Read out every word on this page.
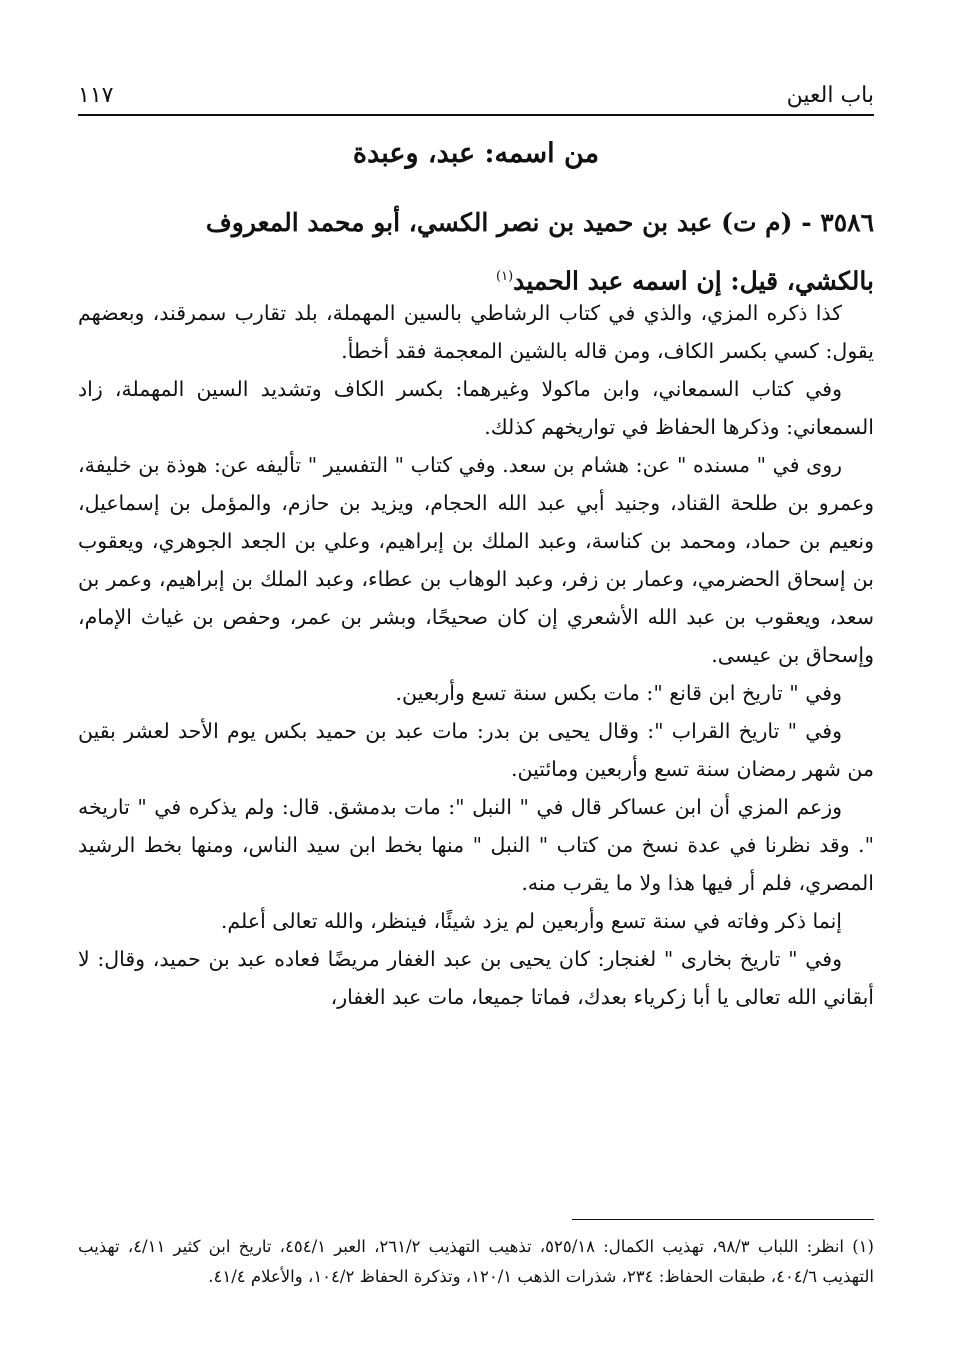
باب العين
١١٧
من اسمه: عبد، وعبدة
٣٥٨٦ - (م ت) عبد بن حميد بن نصر الكسي، أبو محمد المعروف
بالكشي، قيل: إن اسمه عبد الحميد$^{(١)}$

كذا ذكره المزي، والذي في كتاب الرشاطي بالسين المهملة، بلد تقارب سمرقند، وبعضهم يقول: كسي بكسر الكاف، ومن قاله بالشين المعجمة فقد أخطأ.

وفي كتاب السمعاني، وابن ماكولا وغيرهما: بكسر الكاف وتشديد السين المهملة، زاد السمعاني: وذكرها الحفاظ في تواريخهم كذلك.

روى في " مسنده " عن: هشام بن سعد. وفي كتاب " التفسير " تأليفه عن: هوذة بن خليفة، وعمرو بن طلحة القناد، وجنيد أبي عبد الله الحجام، ويزيد بن حازم، والمؤمل بن إسماعيل، ونعيم بن حماد، ومحمد بن كناسة، وعبد الملك بن إبراهيم، وعلي بن الجعد الجوهري، ويعقوب بن إسحاق الحضرمي، وعمار بن زفر، وعبد الوهاب بن عطاء، وعبد الملك بن إبراهيم، وعمر بن سعد، ويعقوب بن عبد الله الأشعري إن كان صحيحًا، وبشر بن عمر، وحفص بن غياث الإمام، وإسحاق بن عيسى.

وفي " تاريخ ابن قانع ": مات بكس سنة تسع وأربعين.

وفي " تاريخ القراب ": وقال يحيى بن بدر: مات عبد بن حميد بكس يوم الأحد لعشر بقين من شهر رمضان سنة تسع وأربعين ومائتين.

وزعم المزي أن ابن عساكر قال في " النبل ": مات بدمشق. قال: ولم يذكره في " تاريخه ". وقد نظرنا في عدة نسخ من كتاب " النبل " منها بخط ابن سيد الناس، ومنها بخط الرشيد المصري، فلم أر فيها هذا ولا ما يقرب منه.

إنما ذكر وفاته في سنة تسع وأربعين لم يزد شيئًا، فينظر، والله تعالى أعلم.

وفي " تاريخ بخارى " لغنجار: كان يحيى بن عبد الغفار مريضًا فعاده عبد بن حميد، وقال: لا أبقاني الله تعالى يا أبا زكرياء بعدك، فماتا جميعا، مات عبد الغفار،

(١) انظر: اللباب ٩٨/٣، تهذيب الكمال: ٥٢٥/١٨، تذهيب التهذيب ٢٦١/٢، العبر ٤٥٤/١، تاريخ ابن كثير ٤/١١، تهذيب التهذيب ٤٠٤/٦، طبقات الحفاظ: ٢٣٤، شذرات الذهب ١٢٠/١، وتذكرة الحفاظ ١٠٤/٢، والأعلام ٤١/٤.
